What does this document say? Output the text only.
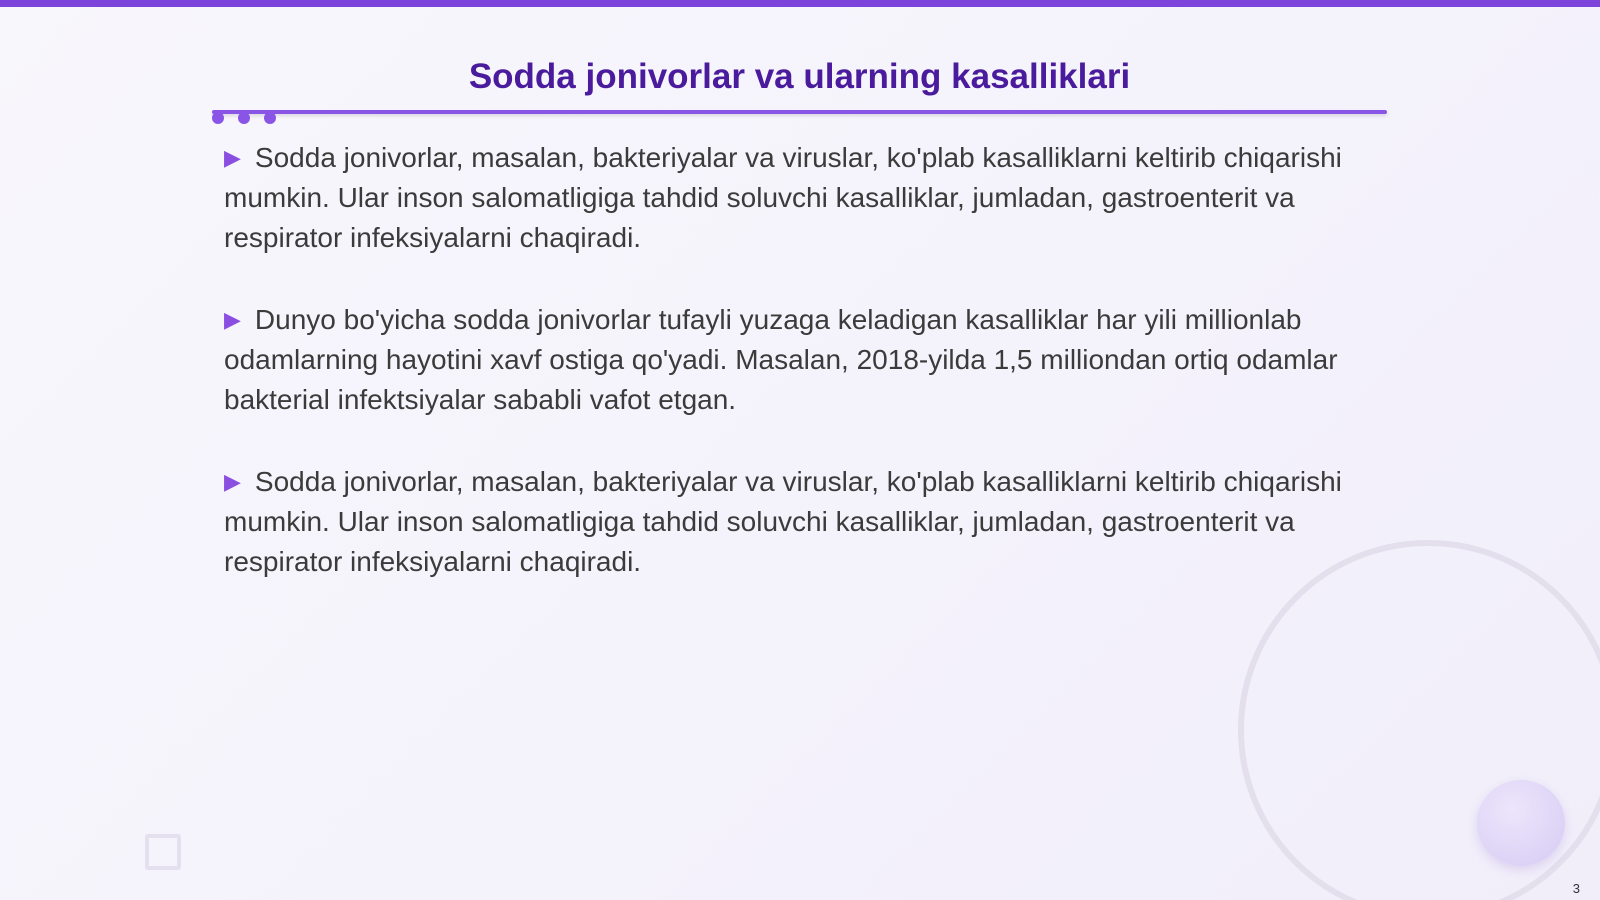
Sodda jonivorlar va ularning kasalliklari

▶ Sodda jonivorlar, masalan, bakteriyalar va viruslar, ko'plab kasalliklarni keltirib chiqarishi mumkin. Ular inson salomatligiga tahdid soluvchi kasalliklar, jumladan, gastroenterit va respirator infeksiyalarni chaqiradi.

▶ Dunyo bo'yicha sodda jonivorlar tufayli yuzaga keladigan kasalliklar har yili millionlab odamlarning hayotini xavf ostiga qo'yadi. Masalan, 2018-yilda 1,5 milliondan ortiq odamlar bakterial infektsiyalar sababli vafot etgan.

▶ Sodda jonivorlar, masalan, bakteriyalar va viruslar, ko'plab kasalliklarni keltirib chiqarishi mumkin. Ular inson salomatligiga tahdid soluvchi kasalliklar, jumladan, gastroenterit va respirator infeksiyalarni chaqiradi.

3
